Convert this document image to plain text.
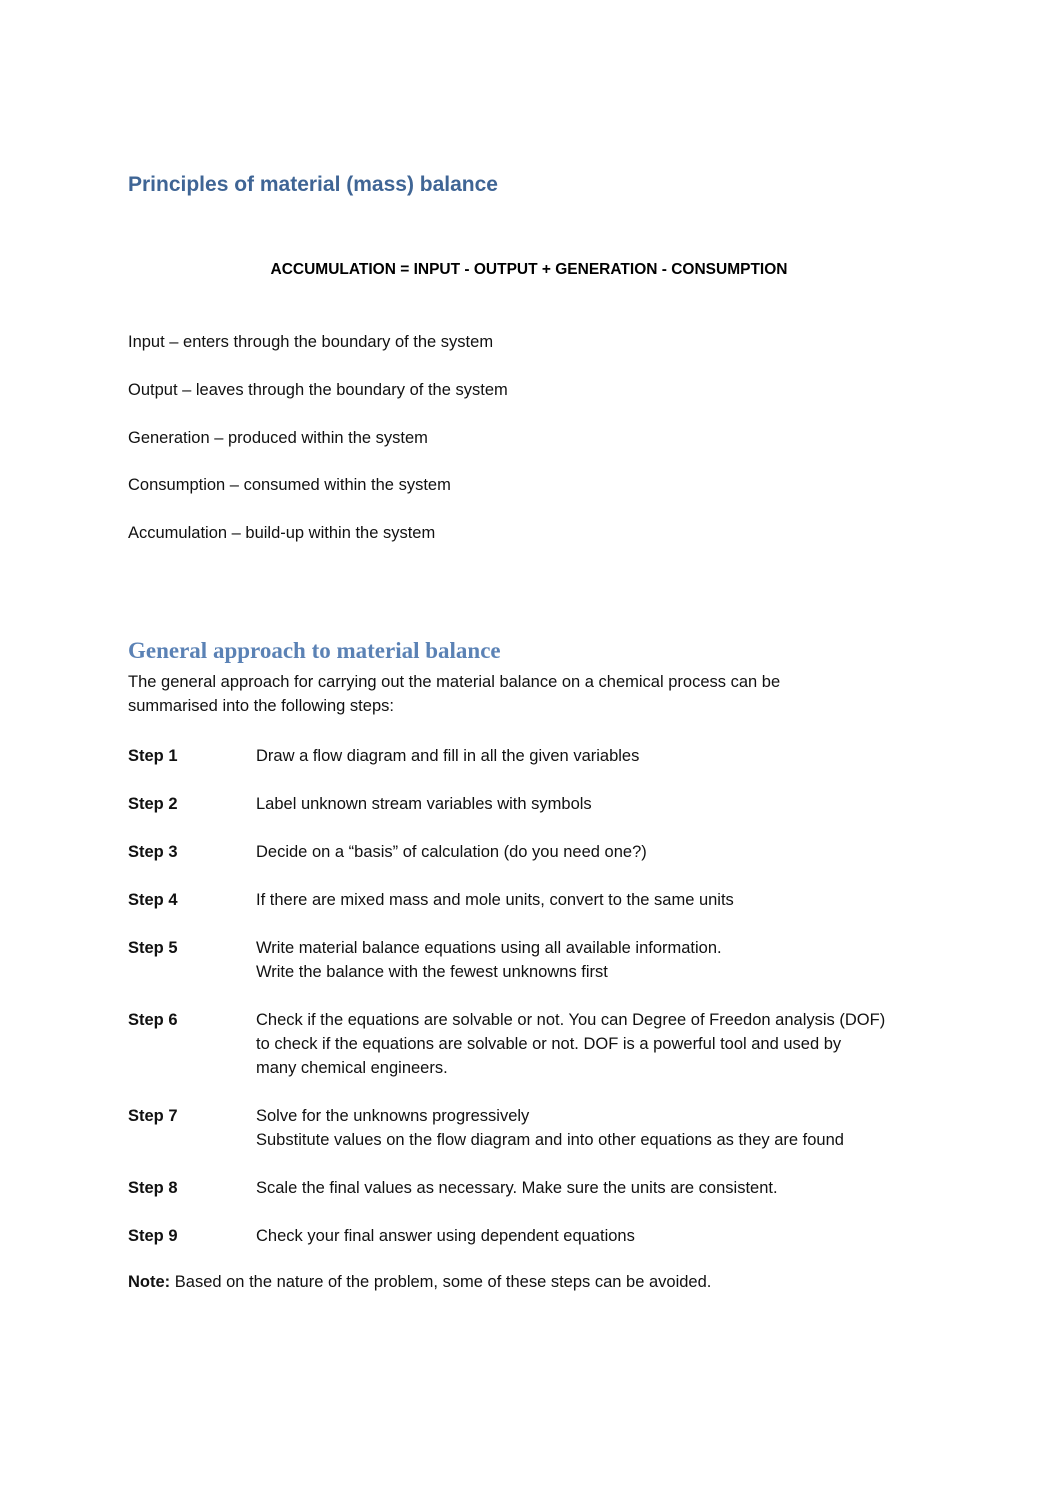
Principles of material (mass) balance
ACCUMULATION = INPUT - OUTPUT + GENERATION - CONSUMPTION
Input – enters through the boundary of the system
Output – leaves through the boundary of the system
Generation – produced within the system
Consumption – consumed within the system
Accumulation – build-up within the system
General approach to material balance

The general approach for carrying out the material balance on a chemical process can be
summarised into the following steps:

Step 1	Draw a flow diagram and fill in all the given variables
Step 2	Label unknown stream variables with symbols
Step 3	Decide on a “basis” of calculation (do you need one?)
Step 4	If there are mixed mass and mole units, convert to the same units
Step 5	Write material balance equations using all available information.
Write the balance with the fewest unknowns first
Step 6	Check if the equations are solvable or not. You can Degree of Freedon analysis (DOF)
to check if the equations are solvable or not. DOF is a powerful tool and used by
many chemical engineers.
Step 7	Solve for the unknowns progressively
Substitute values on the flow diagram and into other equations as they are found
Step 8	Scale the final values as necessary. Make sure the units are consistent.
Step 9	Check your final answer using dependent equations

Note: Based on the nature of the problem, some of these steps can be avoided.
